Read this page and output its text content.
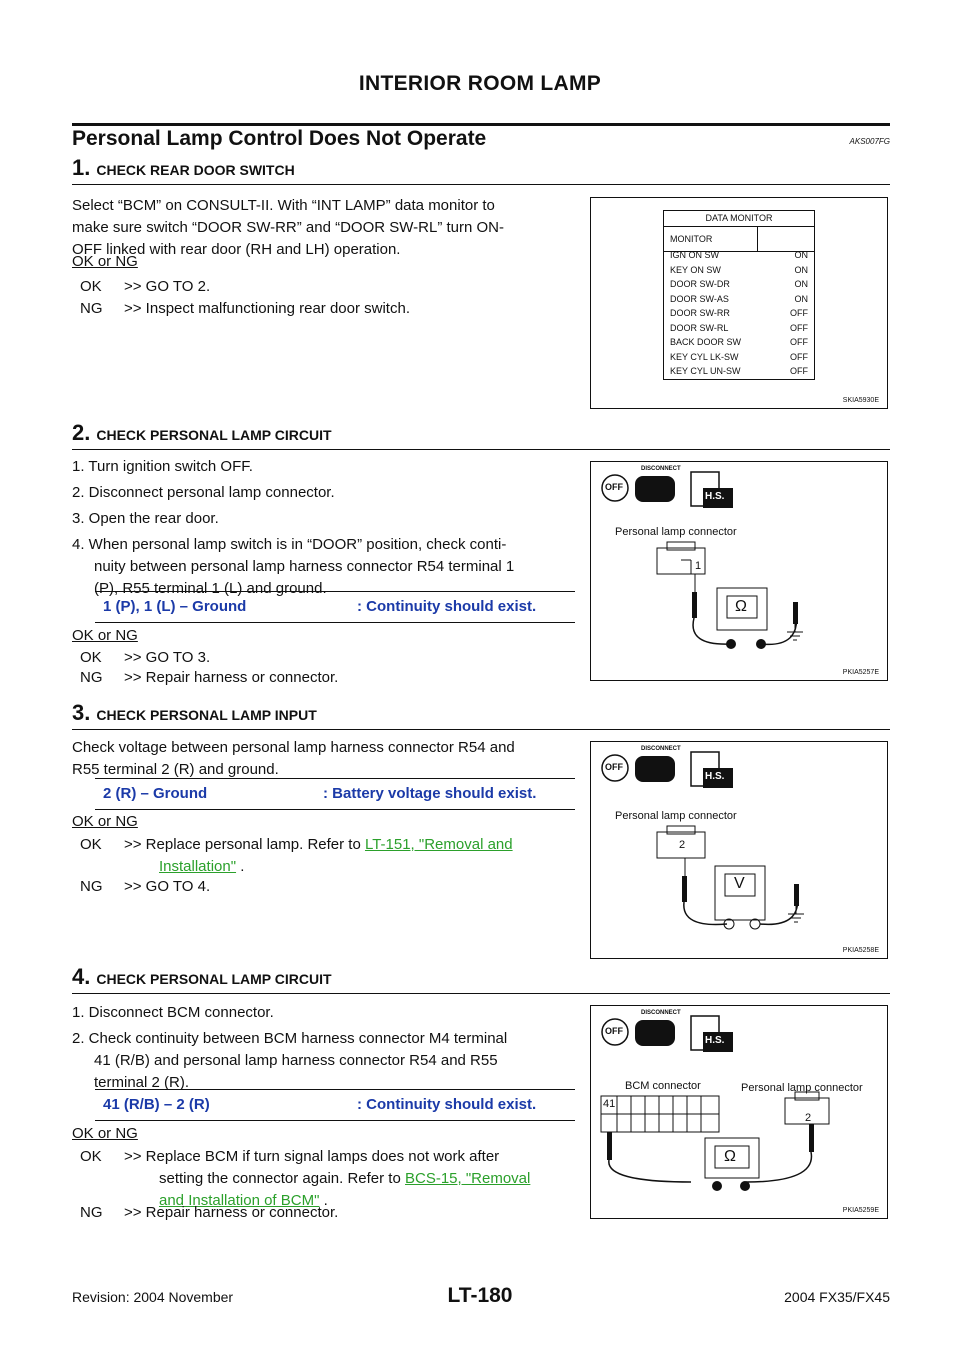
INTERIOR ROOM LAMP
Personal Lamp Control Does Not Operate	AKS007FG
1. CHECK REAR DOOR SWITCH
Select “BCM” on CONSULT-II. With “INT LAMP” data monitor to
make sure switch “DOOR SW-RR” and “DOOR SW-RL” turn ON-
OFF linked with rear door (RH and LH) operation.
OK or NG
OK >> GO TO 2.
NG >> Inspect malfunctioning rear door switch.
DATA MONITOR
MONITOR	
IGN ON SW	ON
KEY ON SW	ON
DOOR SW-DR	ON
DOOR SW-AS	ON
DOOR SW-RR	OFF
DOOR SW-RL	OFF
BACK DOOR SW	OFF
KEY CYL LK-SW	OFF
KEY CYL UN-SW	OFF
SKIA5930E
2. CHECK PERSONAL LAMP CIRCUIT
1. Turn ignition switch OFF.
2. Disconnect personal lamp connector.
3. Open the rear door.
4. When personal lamp switch is in “DOOR” position, check conti-
nuity between personal lamp harness connector R54 terminal 1
(P), R55 terminal 1 (L) and ground.
1 (P), 1 (L) – Ground	: Continuity should exist.
OK or NG
OK >> GO TO 3.
NG >> Repair harness or connector.
DISCONNECT
OFF
H.S.
Personal lamp connector
1
Ω
PKIA5257E
3. CHECK PERSONAL LAMP INPUT
Check voltage between personal lamp harness connector R54 and
R55 terminal 2 (R) and ground.
2 (R) – Ground	: Battery voltage should exist.
OK or NG
OK >> Replace personal lamp. Refer to LT-151, "Removal and
Installation" .
NG >> GO TO 4.
DISCONNECT
OFF
H.S.
Personal lamp connector
2
V
PKIA5258E
4. CHECK PERSONAL LAMP CIRCUIT
1. Disconnect BCM connector.
2. Check continuity between BCM harness connector M4 terminal
41 (R/B) and personal lamp harness connector R54 and R55
terminal 2 (R).
41 (R/B) – 2 (R)	: Continuity should exist.
OK or NG
OK >> Replace BCM if turn signal lamps does not work after
setting the connector again. Refer to BCS-15, "Removal
and Installation of BCM" .
NG >> Repair harness or connector.
DISCONNECT
OFF
H.S.
BCM connector	Personal lamp connector
41
2
Ω
PKIA5259E
LT-180
Revision: 2004 November	2004 FX35/FX45
